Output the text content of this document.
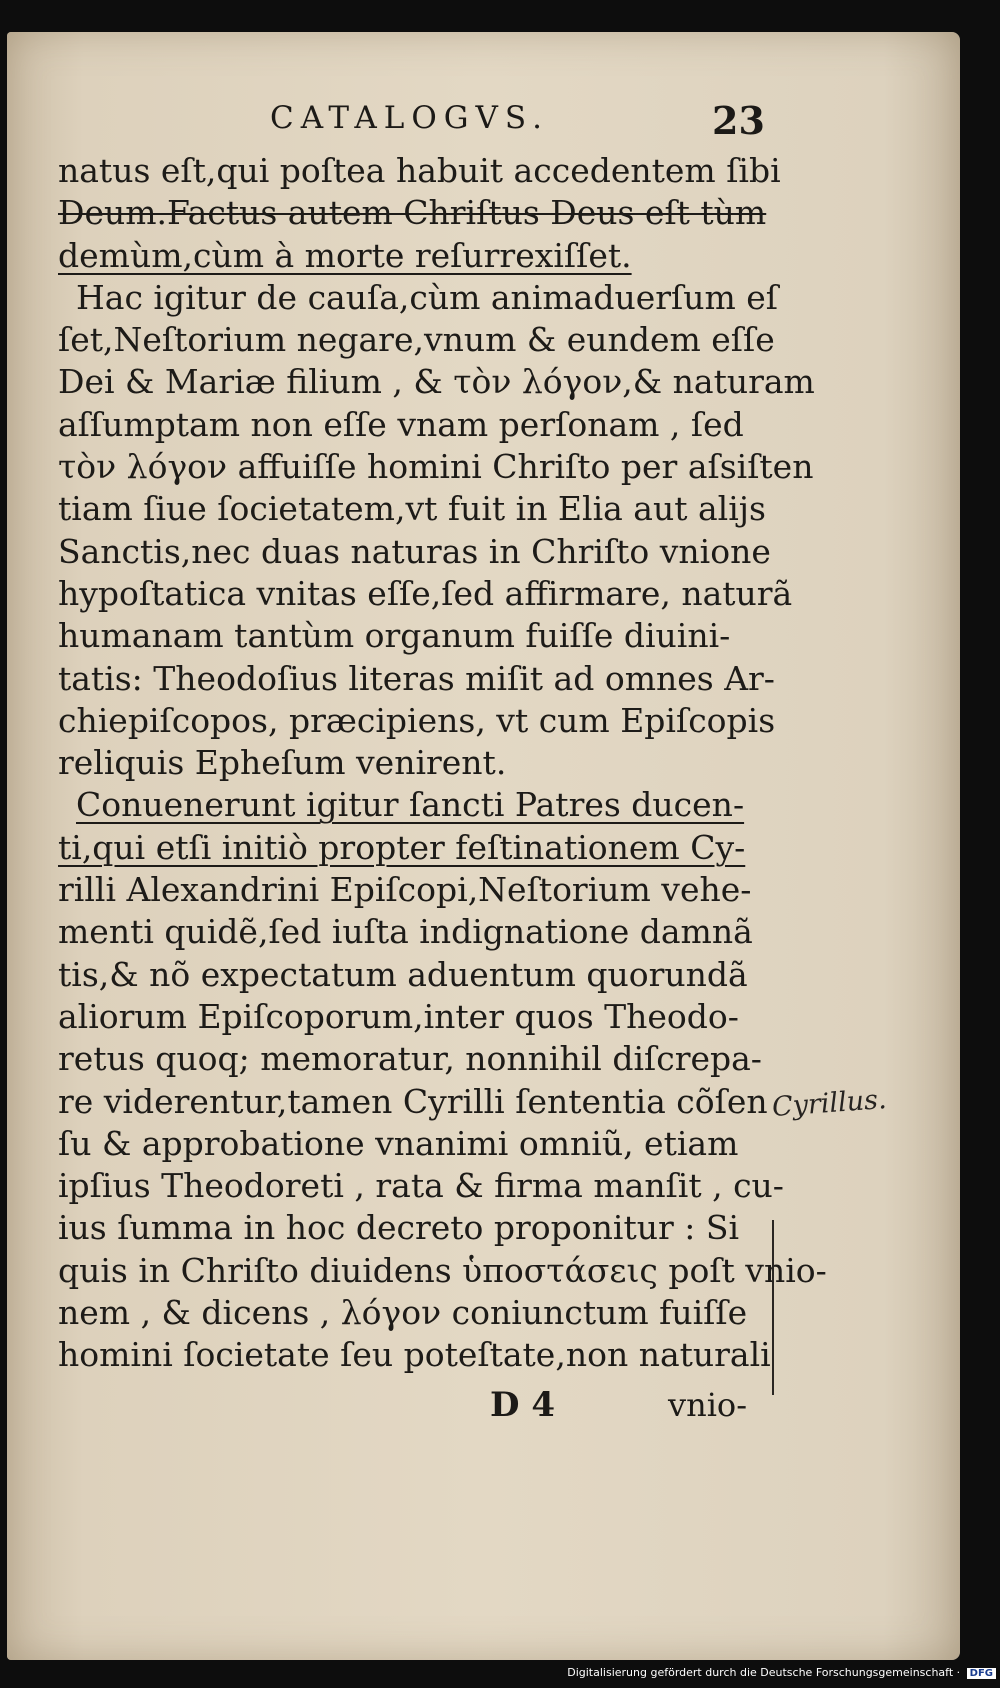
CATALOGVS.	23
natus eſt,qui poſtea habuit accedentem ſibi
Deum.Factus autem Chriſtus Deus eſt tùm
demùm,cùm à morte reſurrexiſſet.
Hac igitur de cauſa,cùm animaduerſum eſ
ſet,Neſtorium negare,vnum & eundem eſſe
Dei & Mariæ filium , & τὸν λόγον,& naturam
aſſumptam non eſſe vnam perſonam , ſed
τὸν λόγον affuiſſe homini Chriſto per aſsiſten
tiam ſiue ſocietatem,vt fuit in Elia aut alijs
Sanctis,nec duas naturas in Chriſto vnione
hypoſtatica vnitas eſſe,ſed affirmare, naturã
humanam tantùm organum fuiſſe diuini-
tatis: Theodoſius literas miſit ad omnes Ar-
chiepiſcopos, præcipiens, vt cum Epiſcopis
reliquis Epheſum venirent.
Conuenerunt igitur ſancti Patres ducen-
ti,qui etſi initiò propter feſtinationem Cy-
rilli Alexandrini Epiſcopi,Neſtorium vehe-
menti quidẽ,ſed iuſta indignatione damnã
tis,& nõ expectatum aduentum quorundã
aliorum Epiſcoporum,inter quos Theodo-
retus quoq; memoratur, nonnihil diſcrepa-
re viderentur,tamen Cyrilli ſententia cõſen
ſu & approbatione vnanimi omniũ, etiam
ipſius Theodoreti , rata & firma manſit , cu-
ius ſumma in hoc decreto proponitur : Si
quis in Chriſto diuidens ὑποστάσεις poſt vnio-
nem , & dicens , λόγον coniunctum fuiſſe
homini ſocietate ſeu poteſtate,non naturali
Cyrillus.
D 4	vnio-
Digitalisierung gefördert durch die Deutsche Forschungsgemeinschaft · DFG
